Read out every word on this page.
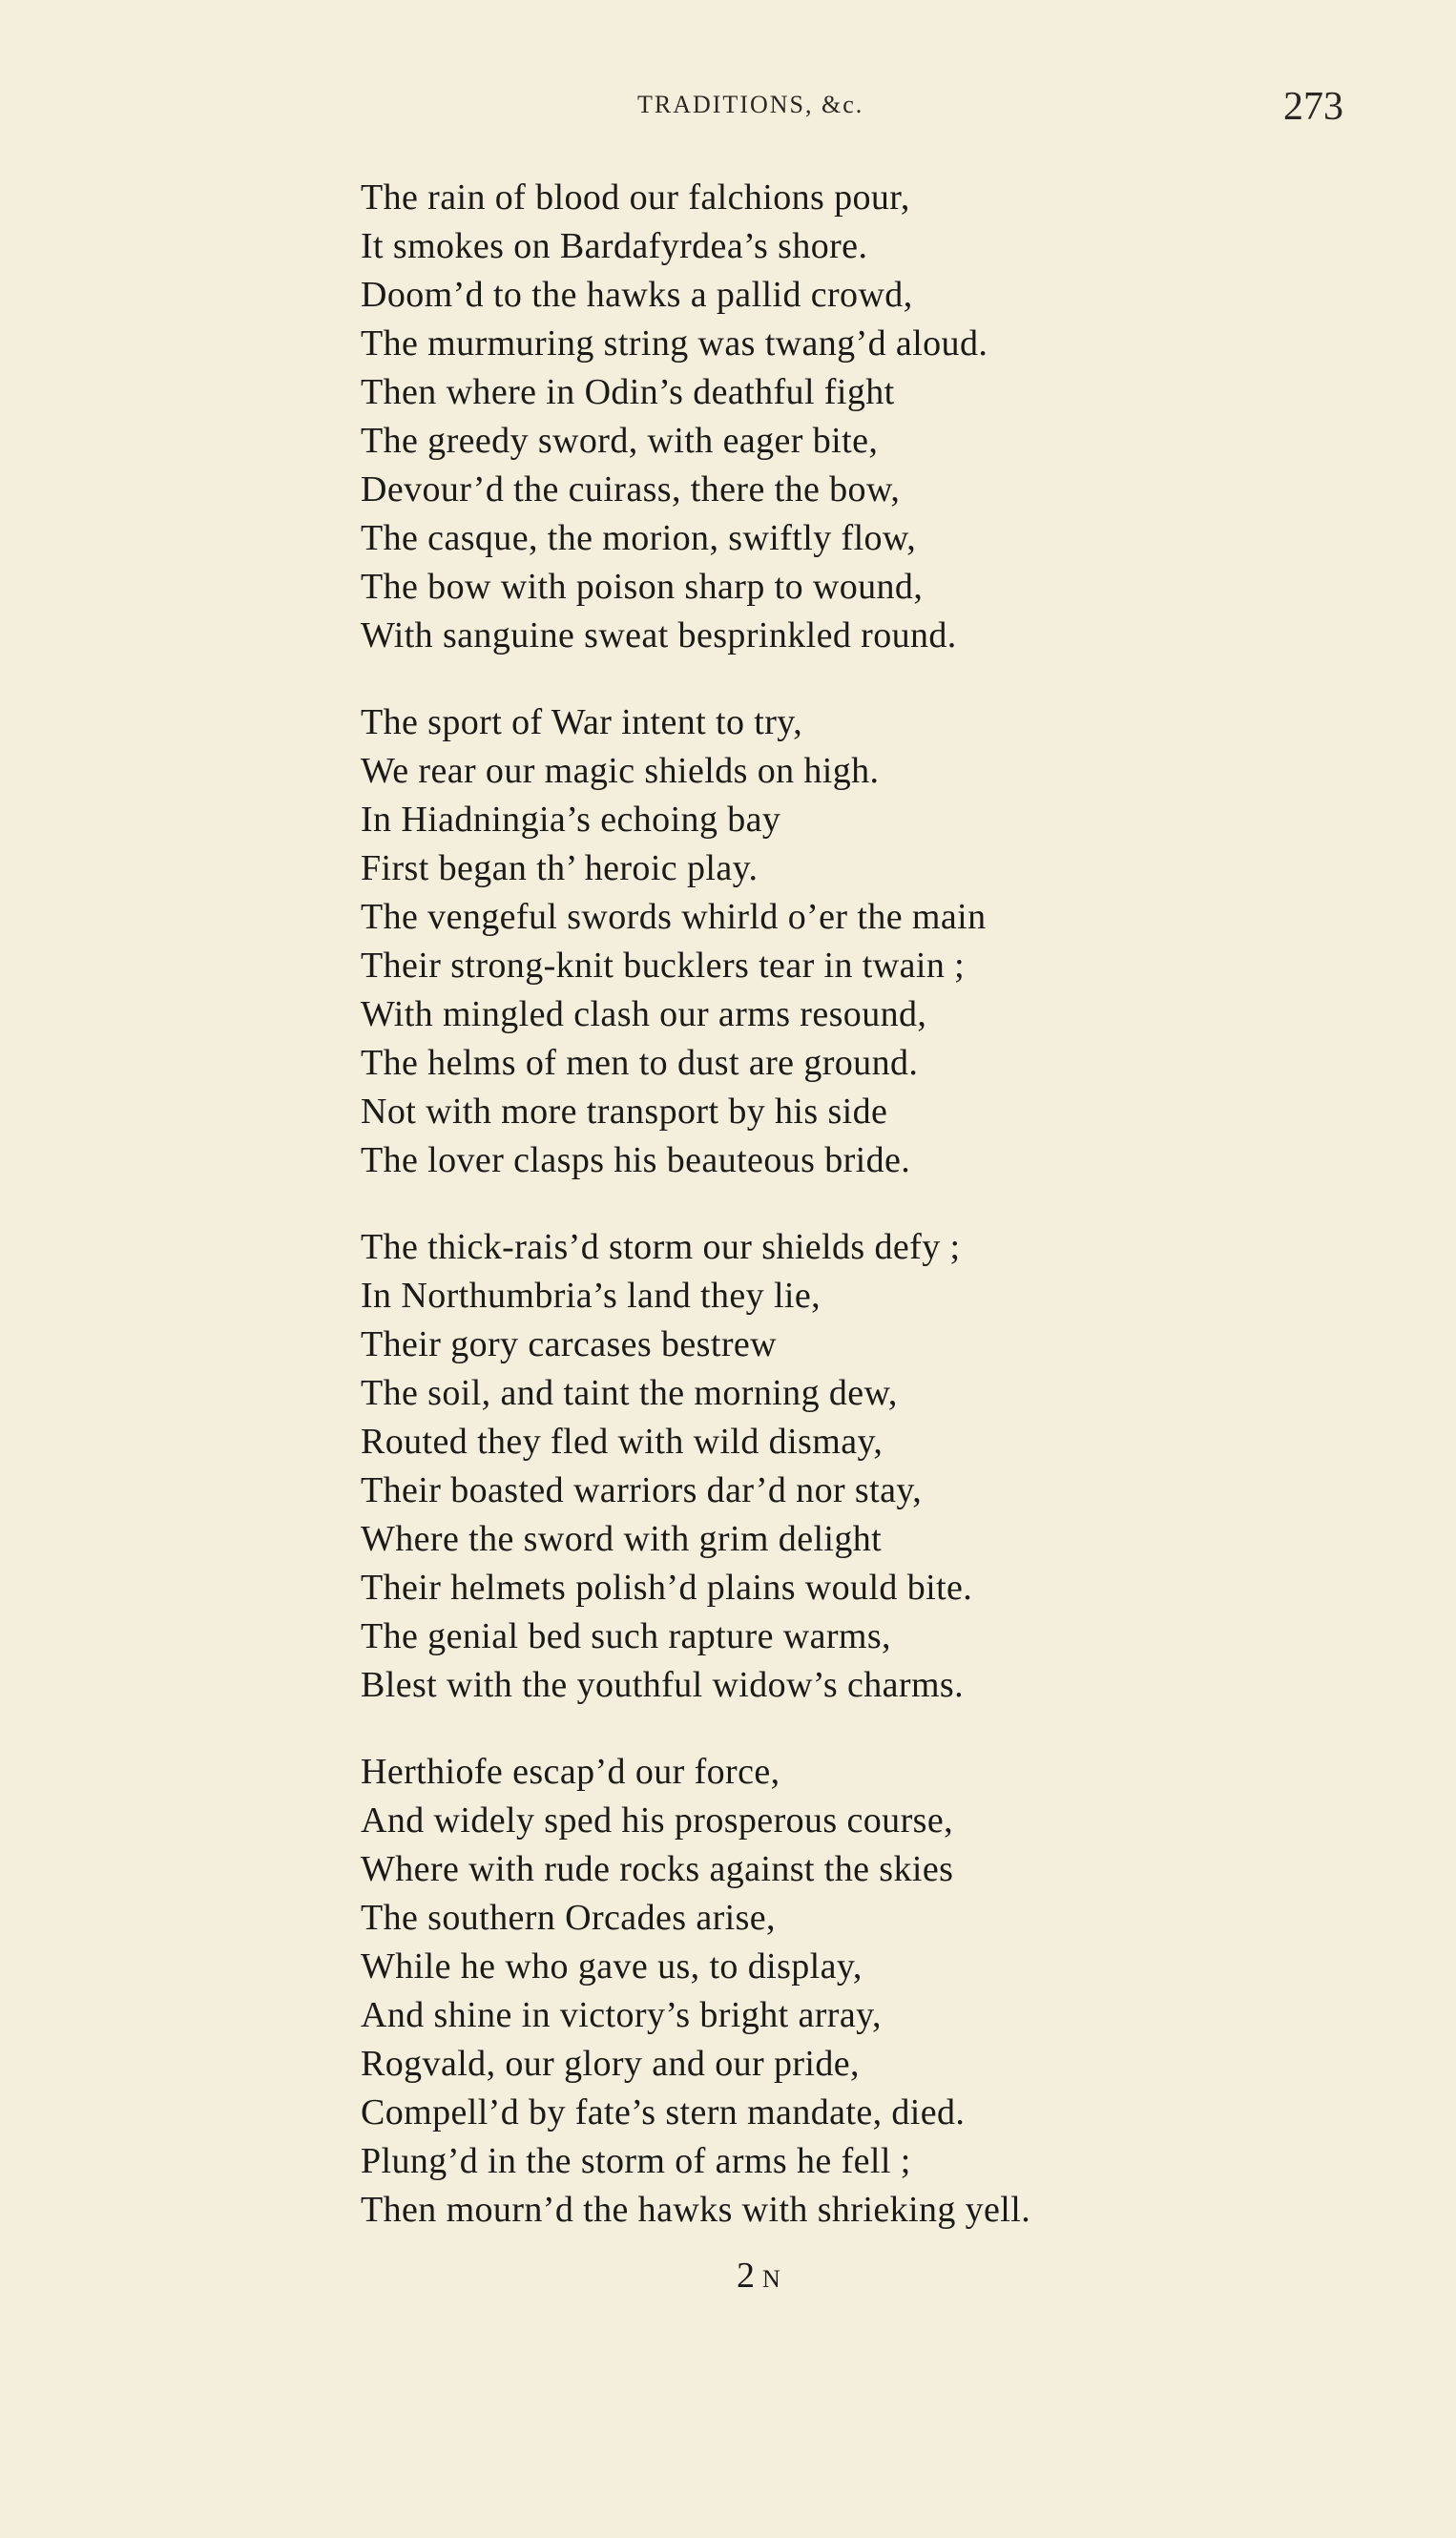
TRADITIONS, &c.	273
The rain of blood our falchions pour,
It smokes on Bardafyrdea’s shore.
Doom’d to the hawks a pallid crowd,
The murmuring string was twang’d aloud.
Then where in Odin’s deathful fight
The greedy sword, with eager bite,
Devour’d the cuirass, there the bow,
The casque, the morion, swiftly flow,
The bow with poison sharp to wound,
With sanguine sweat besprinkled round.
The sport of War intent to try,
We rear our magic shields on high.
In Hiadningia’s echoing bay
First began th’ heroic play.
The vengeful swords whirld o’er the main
Their strong-knit bucklers tear in twain ;
With mingled clash our arms resound,
The helms of men to dust are ground.
Not with more transport by his side
The lover clasps his beauteous bride.
The thick-rais’d storm our shields defy ;
In Northumbria’s land they lie,
Their gory carcases bestrew
The soil, and taint the morning dew,
Routed they fled with wild dismay,
Their boasted warriors dar’d nor stay,
Where the sword with grim delight
Their helmets polish’d plains would bite.
The genial bed such rapture warms,
Blest with the youthful widow’s charms.
Herthiofe escap’d our force,
And widely sped his prosperous course,
Where with rude rocks against the skies
The southern Orcades arise,
While he who gave us, to display,
And shine in victory’s bright array,
Rogvald, our glory and our pride,
Compell’d by fate’s stern mandate, died.
Plung’d in the storm of arms he fell ;
Then mourn’d the hawks with shrieking yell.
2 N
